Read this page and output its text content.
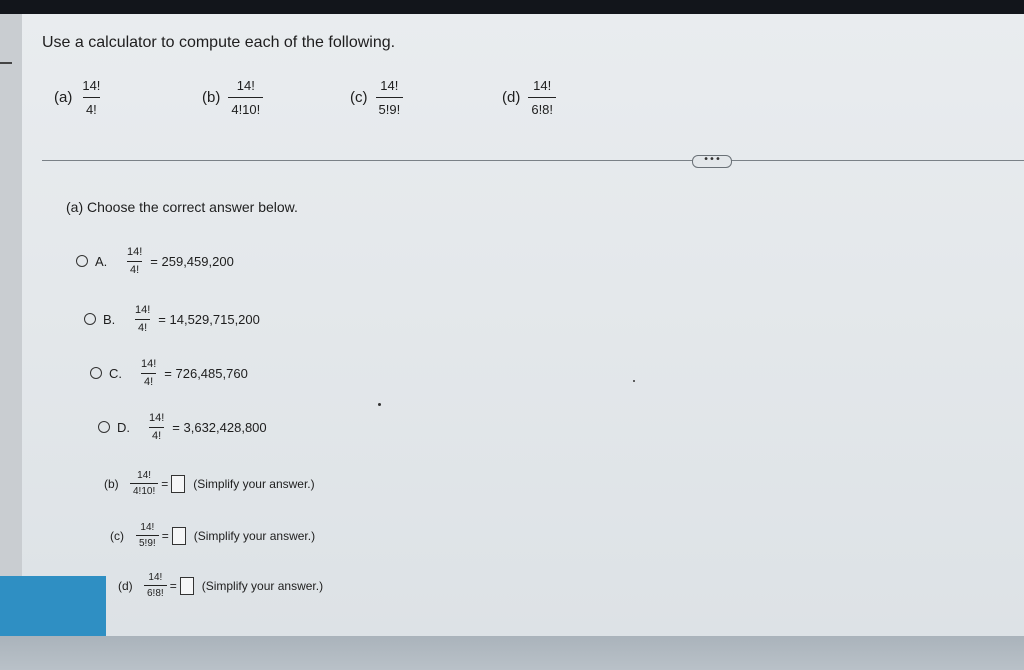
Use a calculator to compute each of the following.
$(a) \frac{14!}{4!}$	$(b) \frac{14!}{4!10!}$	$(c) \frac{14!}{5!9!}$	$(d) \frac{14!}{6!8!}$
•••
(a) Choose the correct answer below.
A.	$\frac{14!}{4!} = 259,459,200$
B.	$\frac{14!}{4!} = 14,529,715,200$
C.	$\frac{14!}{4!} = 726,485,760$
D.	$\frac{14!}{4!} = 3,632,428,800$
(b)	$\frac{14!}{4!10!}$ = (Simplify your answer.)
(c)	$\frac{14!}{5!9!}$ = (Simplify your answer.)
(d)	$\frac{14!}{6!8!}$ = (Simplify your answer.)
